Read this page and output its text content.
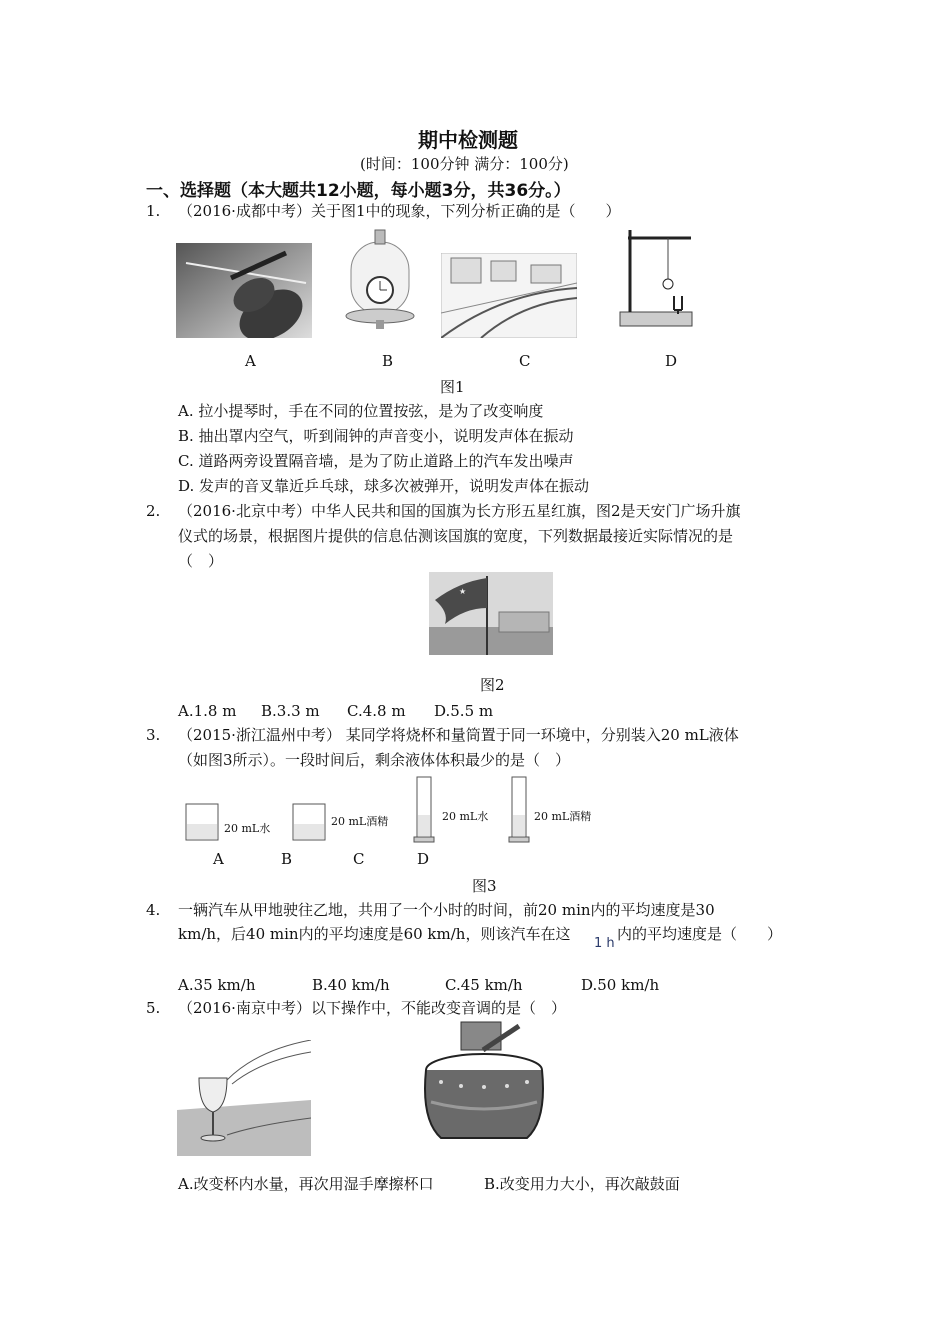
期中检测题
(时间：100分钟 满分：100分)
一、选择题（本大题共12小题，每小题3分，共36分。）
1. （2016·成都中考）关于图1中的现象，下列分析正确的是（　　）
A	B	C	D
图1
A. 拉小提琴时，手在不同的位置按弦，是为了改变响度
B. 抽出罩内空气，听到闹钟的声音变小，说明发声体在振动
C. 道路两旁设置隔音墙，是为了防止道路上的汽车发出噪声
D. 发声的音叉靠近乒乓球，球多次被弹开，说明发声体在振动
2. （2016·北京中考）中华人民共和国的国旗为长方形五星红旗，图2是天安门广场升旗
仪式的场景，根据图片提供的信息估测该国旗的宽度，下列数据最接近实际情况的是
（　）
★
图2
A.1.8 m B.3.3 m C.4.8 m D.5.5 m
3. （2015·浙江温州中考） 某同学将烧杯和量筒置于同一环境中，分别装入20 mL液体
（如图3所示）。一段时间后，剩余液体体积最少的是（　）
20 mL水
20 mL酒精	20 mL水	20 mL酒精
A	B	C	D
图3
4. 一辆汽车从甲地驶往乙地，共用了一个小时的时间，前20 min内的平均速度是30
km/h，后40 min内的平均速度是60 km/h，则该汽车在这
1 h
内的平均速度是（　　）
A.35 km/h	B.40 km/h	C.45 km/h	D.50 km/h
5. （2016·南京中考）以下操作中，不能改变音调的是（　）
A.改变杯内水量，再次用湿手摩擦杯口	B.改变用力大小，再次敲鼓面
